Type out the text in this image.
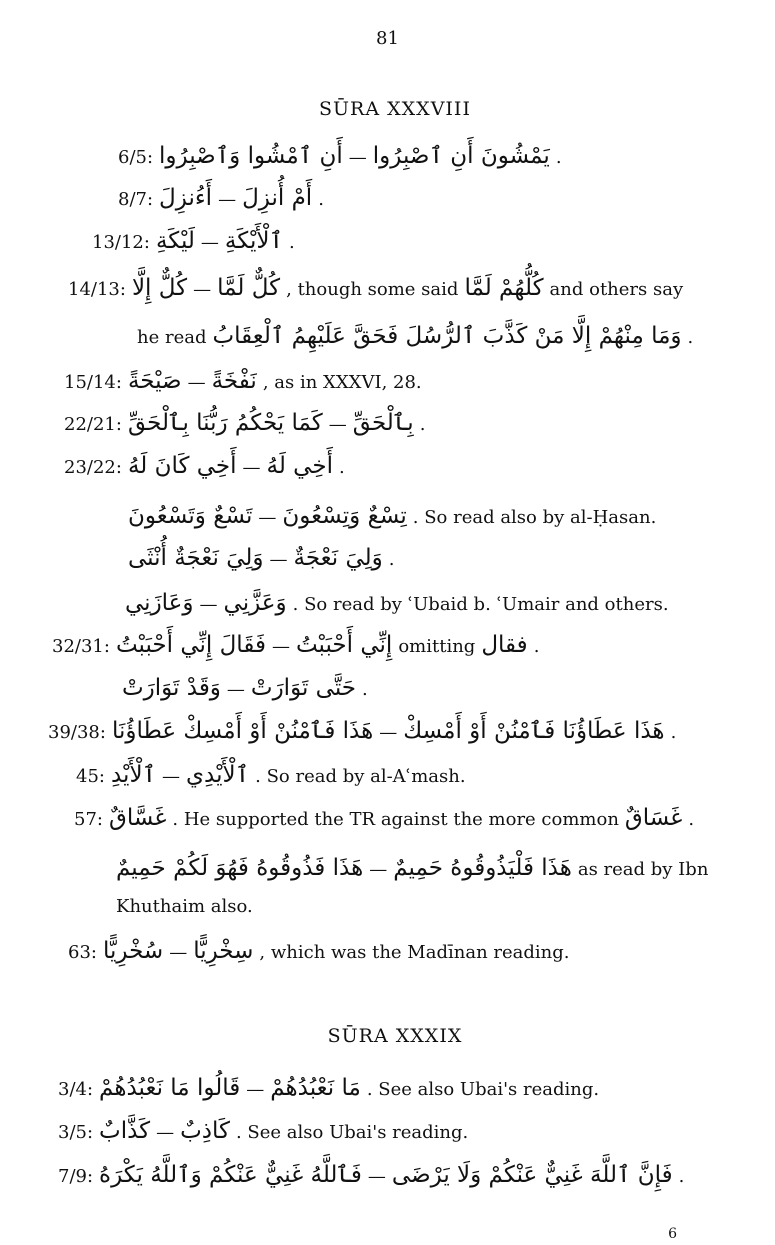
81
SŪRA XXXVIII
6/5: أَنِ ٱمْشُوا وَٱصْبِرُوا — يَمْشُونَ أَنِ ٱصْبِرُوا .
8/7: أَءُنزِلَ — أَمْ أُنزِلَ .
13/12: لَيْكَةِ — ٱلْأَيْكَةِ .
14/13: كُلٌّ إِلَّا — كُلٌّ لَمَّا , though some said كُلُّهُمْ لَمَّا and others say
he read وَمَا مِنْهُمْ إِلَّا مَنْ كَذَّبَ ٱلرُّسُلَ فَحَقَّ عَلَيْهِمُ ٱلْعِقَابُ .
15/14: صَيْحَةً — نَفْخَةً , as in XXXVI, 28.
22/21: كَمَا يَحْكُمُ رَبُّنَا بِٱلْحَقِّ — بِٱلْحَقِّ .
23/22: أَخِي كَانَ لَهُ — أَخِي لَهُ .
تَسْعٌ وَتَسْعُونَ — تِسْعٌ وَتِسْعُونَ . So read also by al-Ḥasan.
وَلِيَ نَعْجَةٌ أُنْثَى — وَلِيَ نَعْجَةٌ .
وَعَازَنِي — وَعَزَّنِي . So read by ʿUbaid b. ʿUmair and others.
32/31: فَقَالَ إِنِّي أَحْبَبْتُ — إِنِّي أَحْبَبْتُ omitting فقال .
وَقَدْ تَوَارَتْ — حَتَّى تَوَارَتْ .
39/38: هَذَا فَٱمْنُنْ أَوْ أَمْسِكْ عَطَاؤُنَا — هَذَا عَطَاؤُنَا فَٱمْنُنْ أَوْ أَمْسِكْ .
45: ٱلْأَيْدِ — ٱلْأَيْدِي . So read by al-Aʿmash.
57: غَسَّاقٌ . He supported the TR against the more common غَسَاقٌ .
هَذَا فَذُوقُوهُ فَهُوَ لَكُمْ حَمِيمٌ — هَذَا فَلْيَذُوقُوهُ حَمِيمٌ as read by Ibn
Khuthaim also.
63: سُخْرِيًّا — سِخْرِيًّا , which was the Madīnan reading.
SŪRA XXXIX
3/4: قَالُوا مَا نَعْبُدُهُمْ — مَا نَعْبُدُهُمْ . See also Ubai's reading.
3/5: كَذَّابٌ — كَاذِبٌ . See also Ubai's reading.
7/9: فَٱللَّهُ غَنِيٌّ عَنْكُمْ وَٱللَّهُ يَكْرَهُ — فَإِنَّ ٱللَّهَ غَنِيٌّ عَنْكُمْ وَلَا يَرْضَى .
6
